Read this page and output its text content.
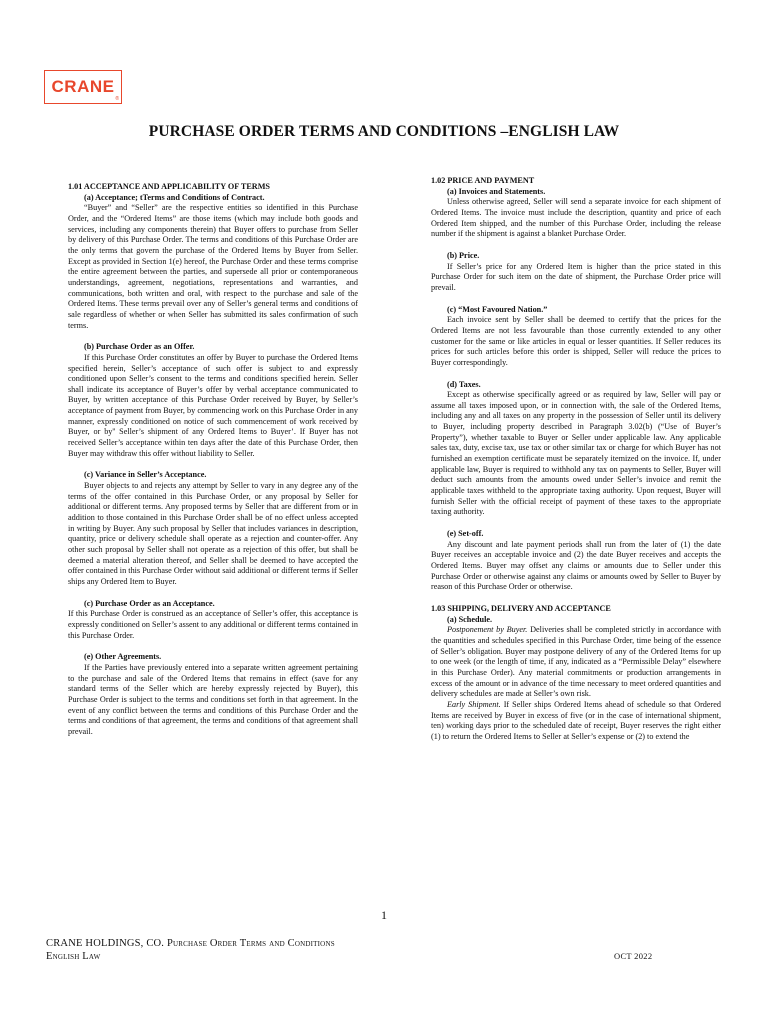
CRANE
®
PURCHASE ORDER TERMS AND CONDITIONS –ENGLISH LAW
1.01 ACCEPTANCE AND APPLICABILITY OF TERMS
(a) Acceptance; tTerms and Conditions of Contract.

“Buyer” and “Seller” are the respective entities so identified in this Purchase Order, and the “Ordered Items” are those items (which may include both goods and services, including any components therein) that Buyer offers to purchase from Seller by delivery of this Purchase Order. The terms and conditions of this Purchase Order are the only terms that govern the purchase of the Ordered Items by Buyer from Seller. Except as provided in Section 1(e) hereof, the Purchase Order and these terms comprise the entire agreement between the parties, and supersede all prior or contemporaneous understandings, agreement, negotiations, representations and warranties, and communications, both written and oral, with respect to the purchase and sale of the Ordered Items. These terms prevail over any of Seller’s general terms and conditions of sale regardless of whether or when Seller has submitted its sales confirmation of such terms.

(b) Purchase Order as an Offer.

If this Purchase Order constitutes an offer by Buyer to purchase the Ordered Items specified herein, Seller’s acceptance of such offer is subject to and expressly conditioned upon Seller’s consent to the terms and conditions specified herein. Seller shall indicate its acceptance of Buyer’s offer by verbal acceptance communicated to Buyer, by written acceptance of this Purchase Order received by Buyer, by Seller’s acceptance of payment from Buyer, by commencing work on this Purchase Order in any manner, expressly conditioned on notice of such commencement of work received by Buyer, or by'' Seller’s shipment of any Ordered Items to Buyer’. If Buyer has not received Seller’s acceptance within ten days after the date of this Purchase Order, then Buyer may withdraw this offer without liability to Seller.

(c) Variance in Seller’s Acceptance.

Buyer objects to and rejects any attempt by Seller to vary in any degree any of the terms of the offer contained in this Purchase Order, or any proposal by Seller for additional or different terms. Any proposed terms by Seller that are different from or in addition to those contained in this Purchase Order shall be of no effect unless accepted in writing by Buyer. Any such proposal by Seller that includes variances in description, quantity, price or delivery schedule shall operate as a rejection and counter-offer. Any other such proposal by Seller shall not operate as a rejection of this offer, but shall be deemed a material alteration thereof, and Seller shall be deemed to have accepted the offer contained in this Purchase Order without said additional or different terms if Seller ships any Ordered Item to Buyer.

(c) Purchase Order as an Acceptance.

If this Purchase Order is construed as an acceptance of Seller’s offer, this acceptance is expressly conditioned on Seller’s assent to any additional or different terms contained in this Purchase Order.

(e) Other Agreements.

If the Parties have previously entered into a separate written agreement pertaining to the purchase and sale of the Ordered Items that remains in effect (save for any standard terms of the Seller which are hereby expressly rejected by Buyer), this Purchase Order is subject to the terms and conditions set forth in that agreement. In the event of any conflict between the terms and conditions of this Purchase Order and the terms and conditions of that agreement, the terms and conditions of that agreement shall prevail.

1.02 PRICE AND PAYMENT
(a) Invoices and Statements.

Unless otherwise agreed, Seller will send a separate invoice for each shipment of Ordered Items. The invoice must include the description, quantity and price of each Ordered Item shipped, and the number of this Purchase Order, including the release number if the shipment is against a blanket Purchase Order.

(b) Price.

If Seller’s price for any Ordered Item is higher than the price stated in this Purchase Order for such item on the date of shipment, the Purchase Order price will prevail.

(c) “Most Favoured Nation.”

Each invoice sent by Seller shall be deemed to certify that the prices for the Ordered Items are not less favourable than those currently extended to any other customer for the same or like articles in equal or lesser quantities. If Seller reduces its prices for such articles before this order is shipped, Seller will reduce the prices to Buyer correspondingly.

(d) Taxes.

Except as otherwise specifically agreed or as required by law, Seller will pay or assume all taxes imposed upon, or in connection with, the sale of the Ordered Items, including any and all taxes on any property in the possession of Seller until its delivery to Buyer, including property described in Paragraph 3.02(b) (“Use of Buyer’s Property”), whether taxable to Buyer or Seller under applicable law. Any applicable sales tax, duty, excise tax, use tax or other similar tax or charge for which Buyer has not furnished an exemption certificate must be separately itemized on the invoice. If, under applicable law, Buyer is required to withhold any tax on payments to Seller, Buyer will deduct such amounts from the amounts owed under Seller’s invoice and remit the applicable taxes withheld to the appropriate taxing authority. Upon request, Buyer will furnish Seller with the official receipt of payment of these taxes to the appropriate taxing authority.

(e) Set-off.

Any discount and late payment periods shall run from the later of (1) the date Buyer receives an acceptable invoice and (2) the date Buyer receives and accepts the Ordered Items. Buyer may offset any claims or amounts due to Seller under this Purchase Order or otherwise against any claims or amounts owed by Seller to Buyer by reason of this Purchase Order or otherwise.

1.03 SHIPPING, DELIVERY AND ACCEPTANCE
(a) Schedule.

Postponement by Buyer. Deliveries shall be completed strictly in accordance with the quantities and schedules specified in this Purchase Order, time being of the essence of Seller’s obligation. Buyer may postpone delivery of any of the Ordered Items for up to one week (or the length of time, if any, indicated as a “Permissible Delay” elsewhere in this Purchase Order). Any material commitments or production arrangements in excess of the amount or in advance of the time necessary to meet ordered quantities and delivery schedules are made at Seller’s own risk.

Early Shipment. If Seller ships Ordered Items ahead of schedule so that Ordered Items are received by Buyer in excess of five (or in the case of international shipment, ten) working days prior to the scheduled date of receipt, Buyer reserves the right either (1) to return the Ordered Items to Seller at Seller’s expense or (2) to extend the

1
CRANE HOLDINGS, CO. Purchase Order Terms and Conditions
English Law	OCT 2022
